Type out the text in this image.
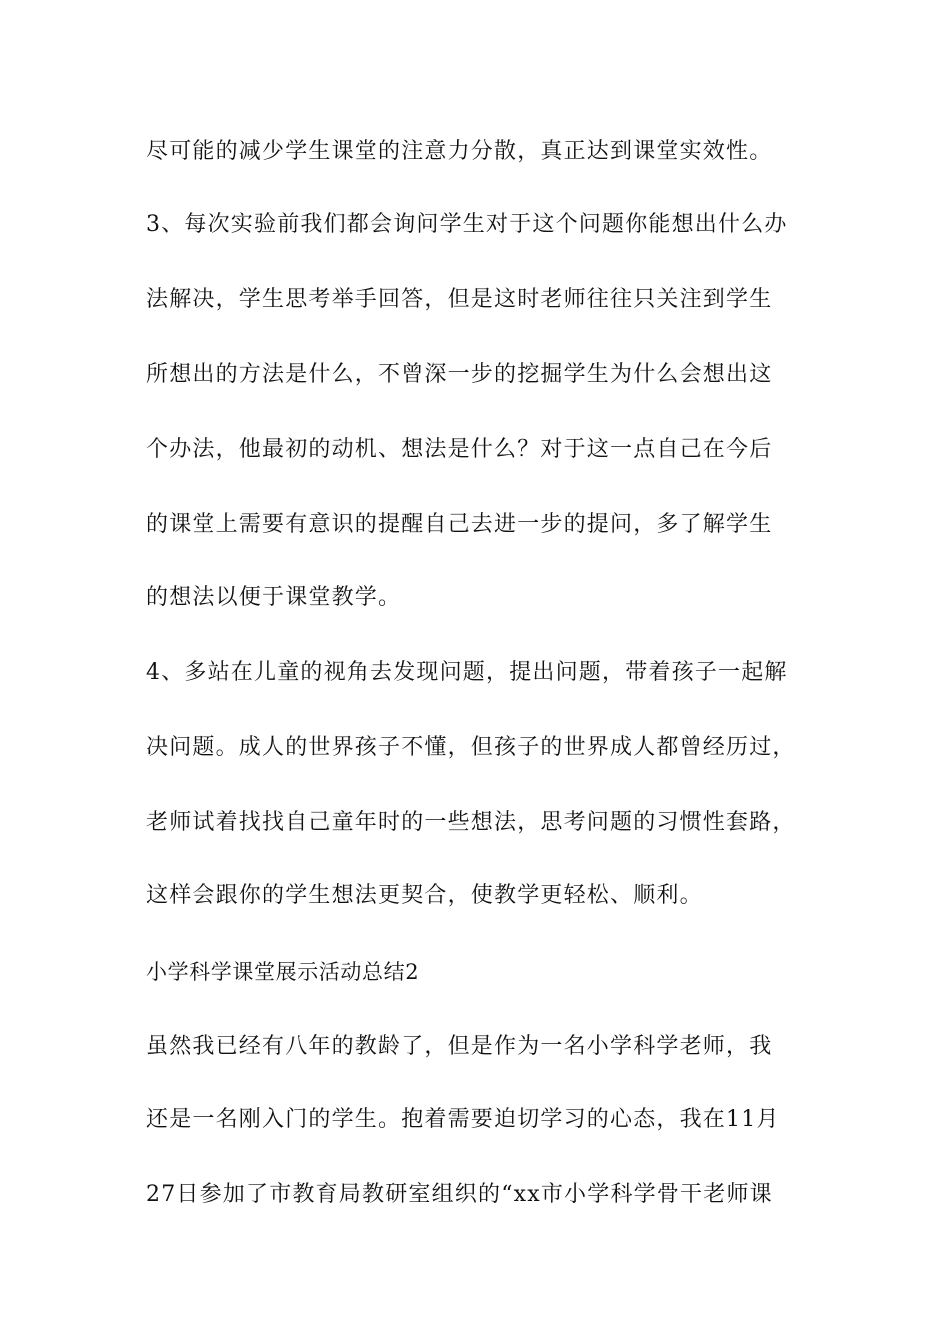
尽可能的减少学生课堂的注意力分散，真正达到课堂实效性。
3、每次实验前我们都会询问学生对于这个问题你能想出什么办
法解决，学生思考举手回答，但是这时老师往往只关注到学生
所想出的方法是什么，不曾深一步的挖掘学生为什么会想出这
个办法，他最初的动机、想法是什么？对于这一点自己在今后
的课堂上需要有意识的提醒自己去进一步的提问，多了解学生
的想法以便于课堂教学。
4、多站在儿童的视角去发现问题，提出问题，带着孩子一起解
决问题。成人的世界孩子不懂，但孩子的世界成人都曾经历过，
老师试着找找自己童年时的一些想法，思考问题的习惯性套路，
这样会跟你的学生想法更契合，使教学更轻松、顺利。
小学科学课堂展示活动总结2
虽然我已经有八年的教龄了，但是作为一名小学科学老师，我
还是一名刚入门的学生。抱着需要迫切学习的心态，我在11月
27日参加了市教育局教研室组织的“xx市小学科学骨干老师课
